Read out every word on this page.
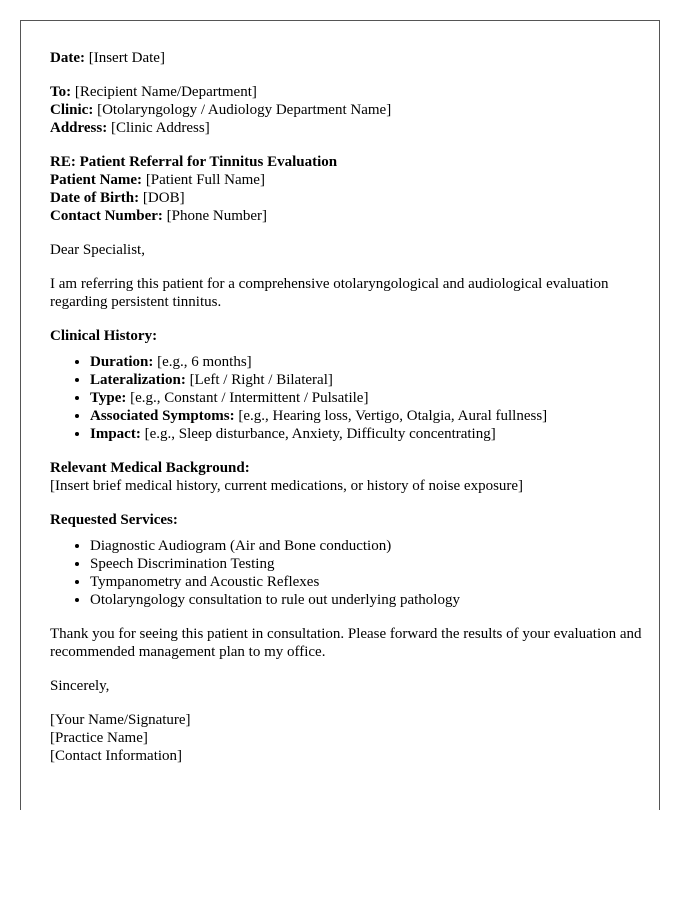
Date: [Insert Date]

To: [Recipient Name/Department]
Clinic: [Otolaryngology / Audiology Department Name]
Address: [Clinic Address]

RE: Patient Referral for Tinnitus Evaluation
Patient Name: [Patient Full Name]
Date of Birth: [DOB]
Contact Number: [Phone Number]

Dear Specialist,

I am referring this patient for a comprehensive otolaryngological and audiological evaluation regarding persistent tinnitus.

Clinical History:
• Duration: [e.g., 6 months]
• Lateralization: [Left / Right / Bilateral]
• Type: [e.g., Constant / Intermittent / Pulsatile]
• Associated Symptoms: [e.g., Hearing loss, Vertigo, Otalgia, Aural fullness]
• Impact: [e.g., Sleep disturbance, Anxiety, Difficulty concentrating]

Relevant Medical Background:
[Insert brief medical history, current medications, or history of noise exposure]

Requested Services:
• Diagnostic Audiogram (Air and Bone conduction)
• Speech Discrimination Testing
• Tympanometry and Acoustic Reflexes
• Otolaryngology consultation to rule out underlying pathology

Thank you for seeing this patient in consultation. Please forward the results of your evaluation and recommended management plan to my office.

Sincerely,

[Your Name/Signature]
[Practice Name]
[Contact Information]
